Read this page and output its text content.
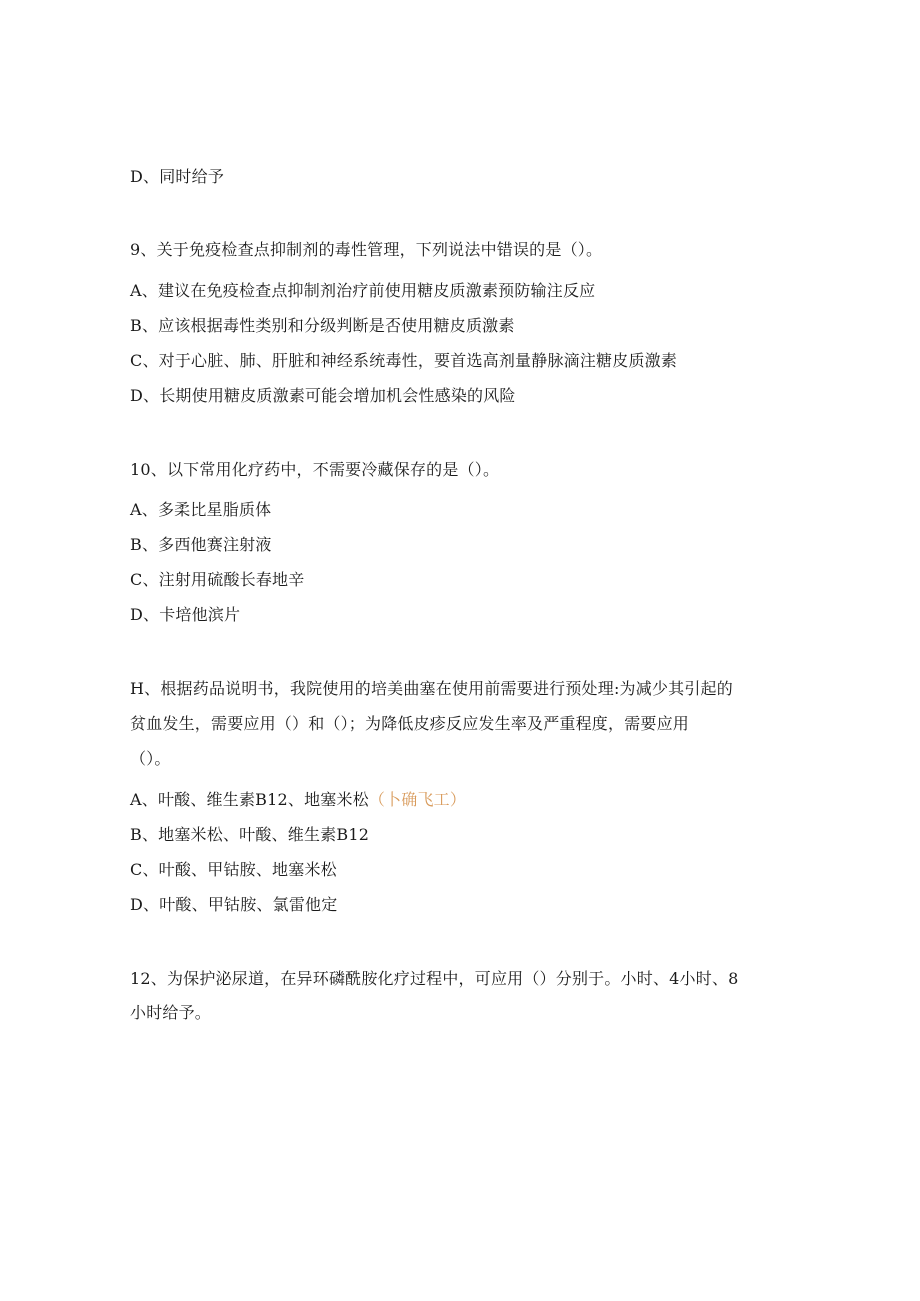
D、同时给予
9、关于免疫检查点抑制剂的毒性管理，下列说法中错误的是（）。
A、建议在免疫检查点抑制剂治疗前使用糖皮质激素预防输注反应
B、应该根据毒性类别和分级判断是否使用糖皮质激素
C、对于心脏、肺、肝脏和神经系统毒性，要首选高剂量静脉滴注糖皮质激素
D、长期使用糖皮质激素可能会增加机会性感染的风险
10、以下常用化疗药中，不需要冷藏保存的是（）。
A、多柔比星脂质体
B、多西他赛注射液
C、注射用硫酸长春地辛
D、卡培他滨片
H、根据药品说明书，我院使用的培美曲塞在使用前需要进行预处理:为减少其引起的
贫血发生，需要应用（）和（）；为降低皮疹反应发生率及严重程度，需要应用
（）。
A、叶酸、维生素B12、地塞米松（卜确飞工）
B、地塞米松、叶酸、维生素B12
C、叶酸、甲钴胺、地塞米松
D、叶酸、甲钴胺、氯雷他定
12、为保护泌尿道，在异环磷酰胺化疗过程中，可应用（）分别于。小时、4小时、8
小时给予。
